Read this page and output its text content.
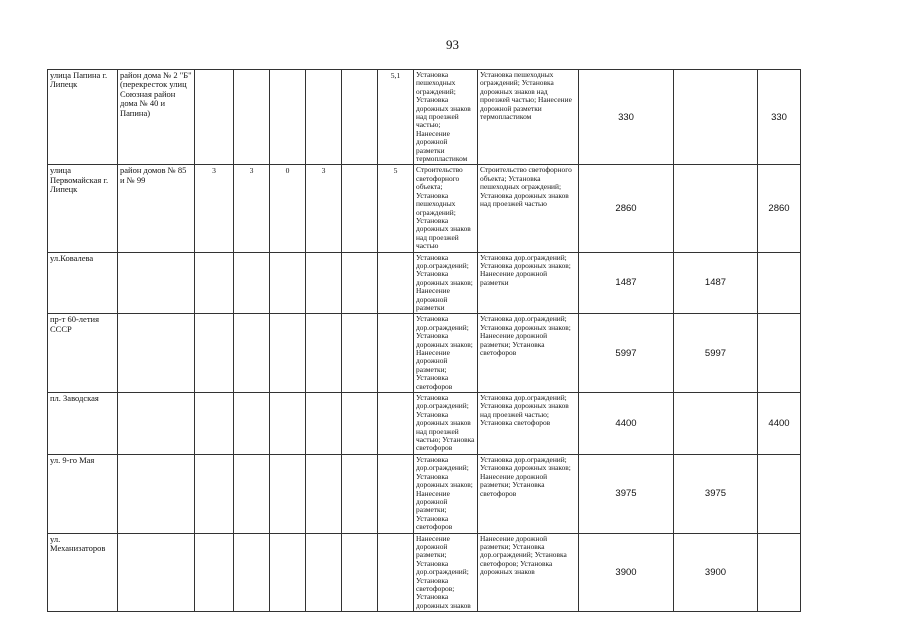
93
улица Папина г. Липецк	район дома № 2 "Б" (перекресток улиц Союзная район дома № 40 и Папина)						5,1	Установка пешеходных ограждений; Установка дорожных знаков над проезжей частью; Нанесение дорожной разметки термопластиком	Установка пешеходных ограждений; Установка дорожных знаков над проезжей частью; Нанесение дорожной разметки термопластиком	330		330
улица Первомайская г. Липецк	район домов № 85 и № 99	3	3	0	3		5	Строительство светофорного объекта; Установка пешеходных ограждений; Установка дорожных знаков над проезжей частью	Строительство светофорного объекта; Установка пешеходных ограждений; Установка дорожных знаков над проезжей частью	2860		2860
ул.Ковалева								Установка дор.ограждений; Установка дорожных знаков; Нанесение дорожной разметки	Установка дор.ограждений; Установка дорожных знаков; Нанесение дорожной разметки	1487	1487	
пр-т 60-летия СССР								Установка дор.ограждений; Установка дорожных знаков; Нанесение дорожной разметки; Установка светофоров	Установка дор.ограждений; Установка дорожных знаков; Нанесение дорожной разметки; Установка светофоров	5997	5997	
пл. Заводская								Установка дор.ограждений; Установка дорожных знаков над проезжей частью; Установка светофоров	Установка дор.ограждений; Установка дорожных знаков над проезжей частью; Установка светофоров	4400		4400
ул. 9-го Мая								Установка дор.ограждений; Установка дорожных знаков; Нанесение дорожной разметки; Установка светофоров	Установка дор.ограждений; Установка дорожных знаков; Нанесение дорожной разметки; Установка светофоров	3975	3975	
ул. Механизаторов								Нанесение дорожной разметки; Установка дор.ограждений; Установка светофоров; Установка дорожных знаков	Нанесение дорожной разметки; Установка дор.ограждений; Установка светофоров; Установка дорожных знаков	3900	3900	
